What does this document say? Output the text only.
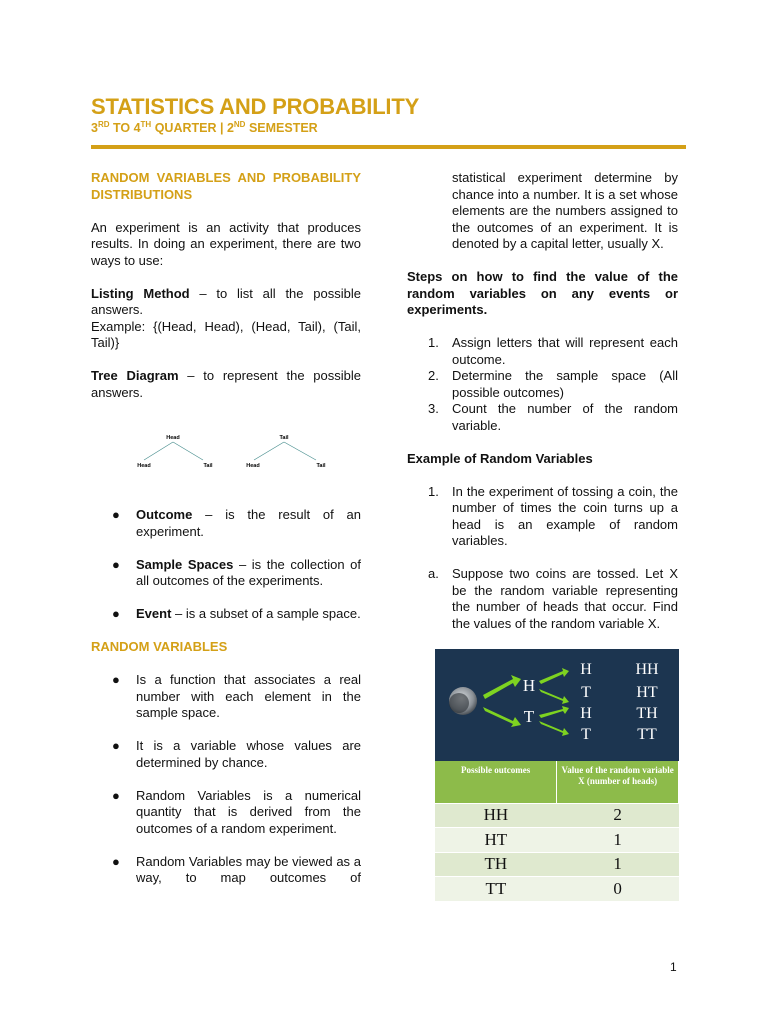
STATISTICS AND PROBABILITY
3RD TO 4TH QUARTER | 2ND SEMESTER
RANDOM VARIABLES AND PROBABILITY DISTRIBUTIONS
An experiment is an activity that produces results. In doing an experiment, there are two ways to use:
Listing Method – to list all the possible answers.
Example: {(Head, Head), (Head, Tail), (Tail, Tail)}
Tree Diagram – to represent the possible answers.
Head
Head	Tail
Tail
Head	Tail
● Outcome – is the result of an experiment.
● Sample Spaces – is the collection of all outcomes of the experiments.
● Event – is a subset of a sample space.
RANDOM VARIABLES
● Is a function that associates a real number with each element in the sample space.
● It is a variable whose values are determined by chance.
● Random Variables is a numerical quantity that is derived from the outcomes of a random experiment.
● Random Variables may be viewed as a way, to map outcomes of
statistical experiment determine by chance into a number. It is a set whose elements are the numbers assigned to the outcomes of an experiment. It is denoted by a capital letter, usually X.
Steps on how to find the value of the random variables on any events or experiments.
1. Assign letters that will represent each outcome.
2. Determine the sample space (All possible outcomes)
3. Count the number of the random variable.
Example of Random Variables
1. In the experiment of tossing a coin, the number of times the coin turns up a head is an example of random variables.
a. Suppose two coins are tossed. Let X be the random variable representing the number of heads that occur. Find the values of the random variable X.
H
T
H
T
H
T
HH
HT
TH
TT
Possible outcomes	Value of the random variable X (number of heads)
HH	2
HT	1
TH	1
TT	0
1
